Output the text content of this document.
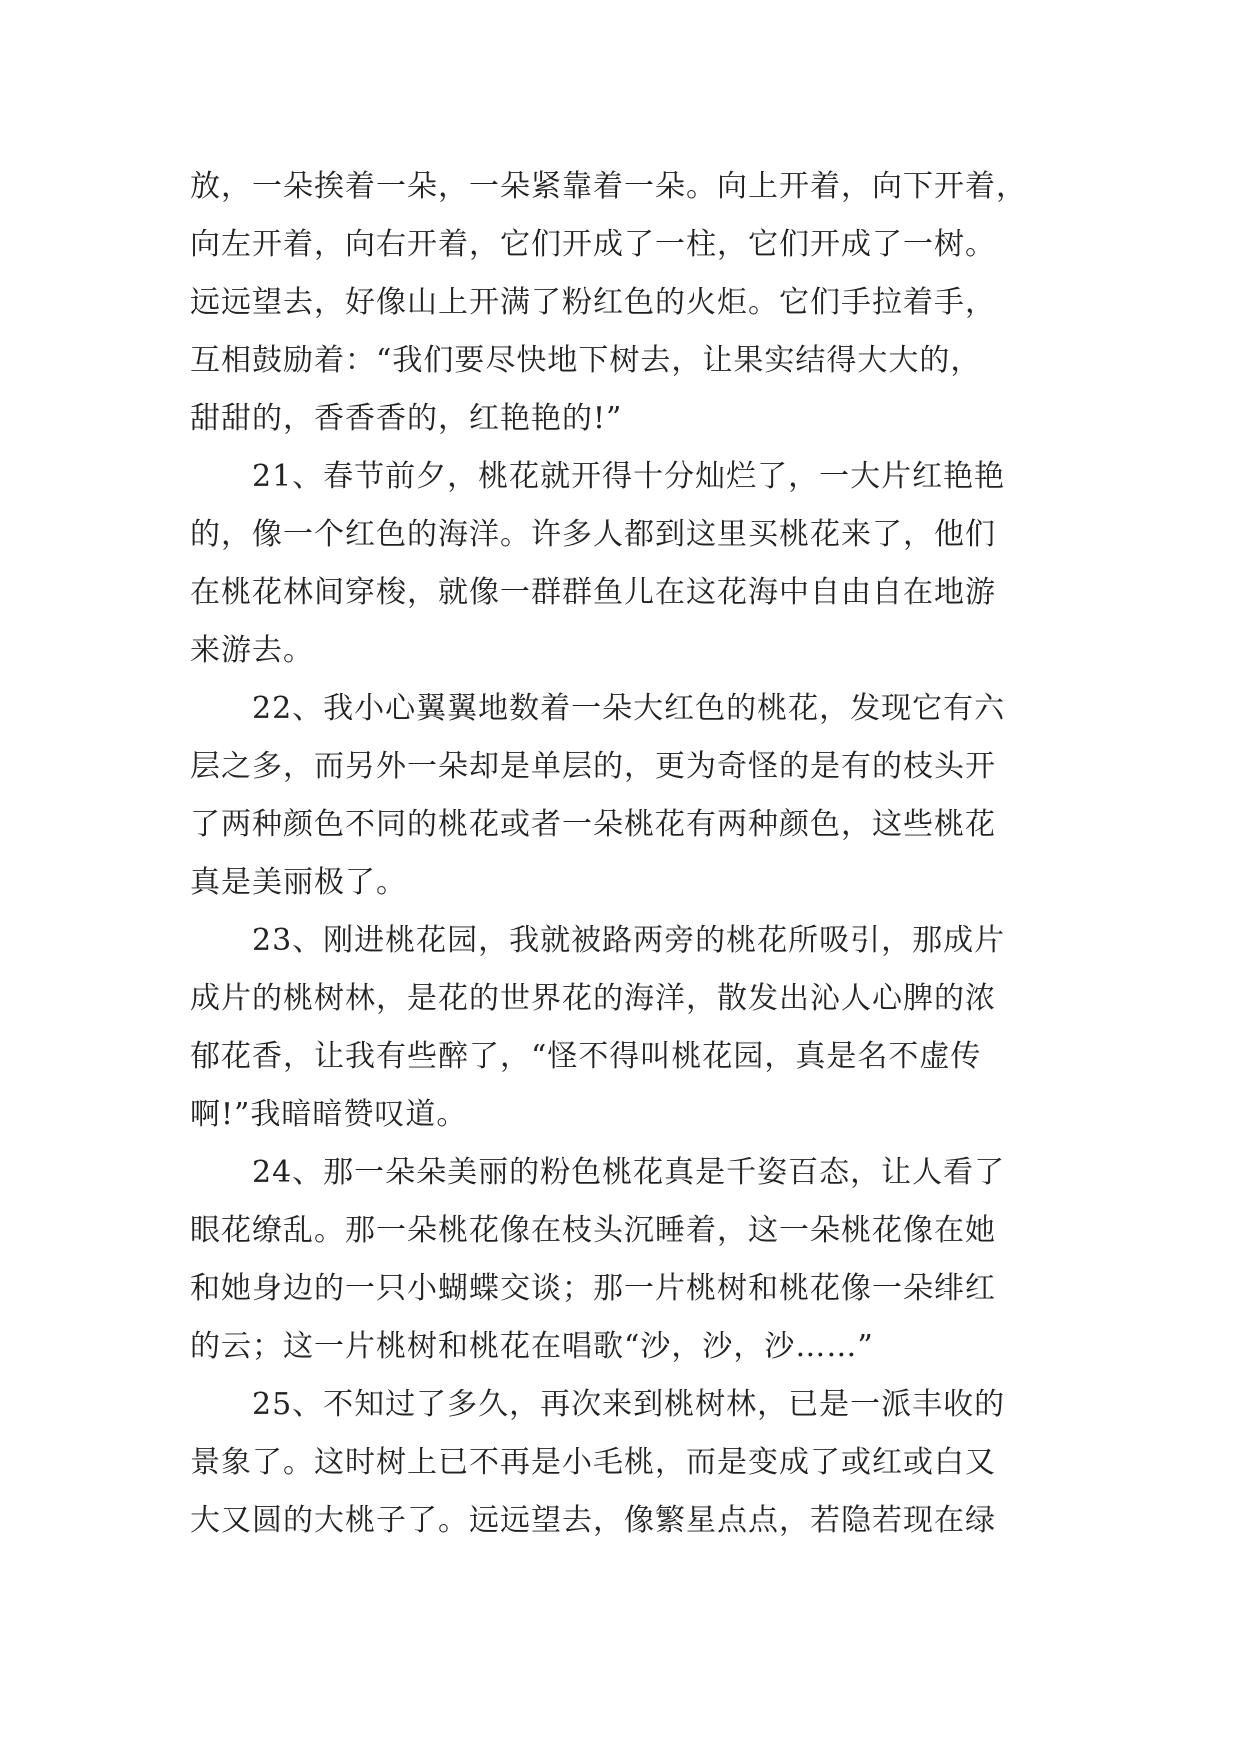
放，一朵挨着一朵，一朵紧靠着一朵。向上开着，向下开着，
向左开着，向右开着，它们开成了一柱，它们开成了一树。
远远望去，好像山上开满了粉红色的火炬。它们手拉着手，
互相鼓励着：“我们要尽快地下树去，让果实结得大大的，
甜甜的，香香香的，红艳艳的!”
21、春节前夕，桃花就开得十分灿烂了，一大片红艳艳
的，像一个红色的海洋。许多人都到这里买桃花来了，他们
在桃花林间穿梭，就像一群群鱼儿在这花海中自由自在地游
来游去。
22、我小心翼翼地数着一朵大红色的桃花，发现它有六
层之多，而另外一朵却是单层的，更为奇怪的是有的枝头开
了两种颜色不同的桃花或者一朵桃花有两种颜色，这些桃花
真是美丽极了。
23、刚进桃花园，我就被路两旁的桃花所吸引，那成片
成片的桃树林，是花的世界花的海洋，散发出沁人心脾的浓
郁花香，让我有些醉了，“怪不得叫桃花园，真是名不虚传
啊!”我暗暗赞叹道。
24、那一朵朵美丽的粉色桃花真是千姿百态，让人看了
眼花缭乱。那一朵桃花像在枝头沉睡着，这一朵桃花像在她
和她身边的一只小蝴蝶交谈；那一片桃树和桃花像一朵绯红
的云；这一片桃树和桃花在唱歌“沙，沙，沙……”
25、不知过了多久，再次来到桃树林，已是一派丰收的
景象了。这时树上已不再是小毛桃，而是变成了或红或白又
大又圆的大桃子了。远远望去，像繁星点点，若隐若现在绿
